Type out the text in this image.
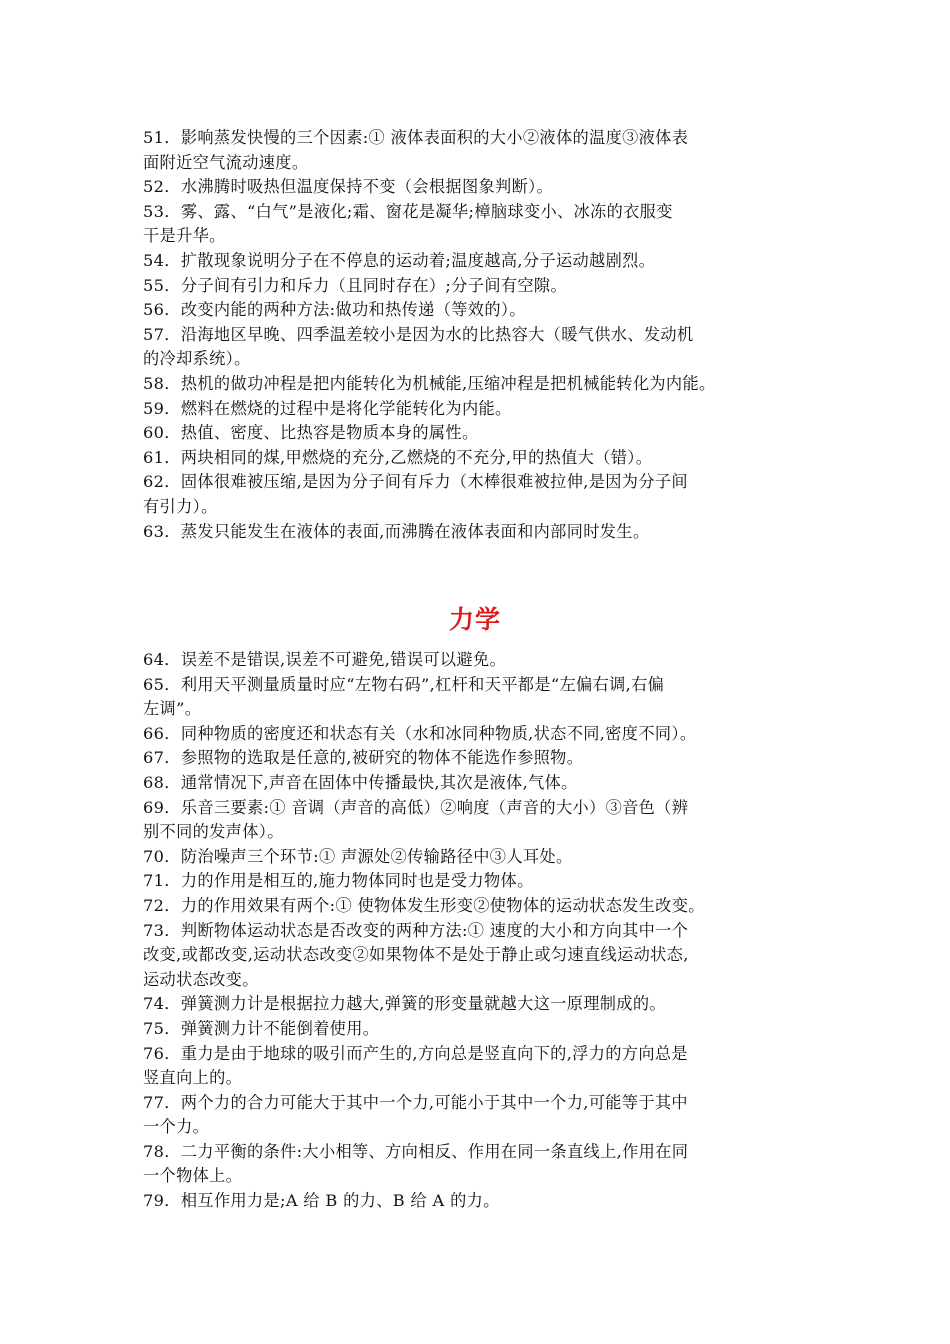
51．影响蒸发快慢的三个因素:① 液体表面积的大小②液体的温度③液体表
面附近空气流动速度。

52．水沸腾时吸热但温度保持不变（会根据图象判断）。

53．雾、露、“白气”是液化;霜、窗花是凝华;樟脑球变小、冰冻的衣服变
干是升华。

54．扩散现象说明分子在不停息的运动着;温度越高,分子运动越剧烈。

55．分子间有引力和斥力（且同时存在）;分子间有空隙。

56．改变内能的两种方法:做功和热传递（等效的）。

57．沿海地区早晚、四季温差较小是因为水的比热容大（暖气供水、发动机
的冷却系统）。

58．热机的做功冲程是把内能转化为机械能,压缩冲程是把机械能转化为内能。

59．燃料在燃烧的过程中是将化学能转化为内能。

60．热值、密度、比热容是物质本身的属性。

61．两块相同的煤,甲燃烧的充分,乙燃烧的不充分,甲的热值大（错）。

62．固体很难被压缩,是因为分子间有斥力（木棒很难被拉伸,是因为分子间
有引力）。

63．蒸发只能发生在液体的表面,而沸腾在液体表面和内部同时发生。

力学

64．误差不是错误,误差不可避免,错误可以避免。

65．利用天平测量质量时应“左物右码”,杠杆和天平都是“左偏右调,右偏
左调”。

66．同种物质的密度还和状态有关（水和冰同种物质,状态不同,密度不同）。

67．参照物的选取是任意的,被研究的物体不能选作参照物。

68．通常情况下,声音在固体中传播最快,其次是液体,气体。

69．乐音三要素:① 音调（声音的高低）②响度（声音的大小）③音色（辨
别不同的发声体）。

70．防治噪声三个环节:① 声源处②传输路径中③人耳处。

71．力的作用是相互的,施力物体同时也是受力物体。

72．力的作用效果有两个:① 使物体发生形变②使物体的运动状态发生改变。

73．判断物体运动状态是否改变的两种方法:① 速度的大小和方向其中一个
改变,或都改变,运动状态改变②如果物体不是处于静止或匀速直线运动状态,
运动状态改变。

74．弹簧测力计是根据拉力越大,弹簧的形变量就越大这一原理制成的。

75．弹簧测力计不能倒着使用。

76．重力是由于地球的吸引而产生的,方向总是竖直向下的,浮力的方向总是
竖直向上的。

77．两个力的合力可能大于其中一个力,可能小于其中一个力,可能等于其中
一个力。

78．二力平衡的条件:大小相等、方向相反、作用在同一条直线上,作用在同
一个物体上。

79．相互作用力是;A 给 B 的力、B 给 A 的力。
